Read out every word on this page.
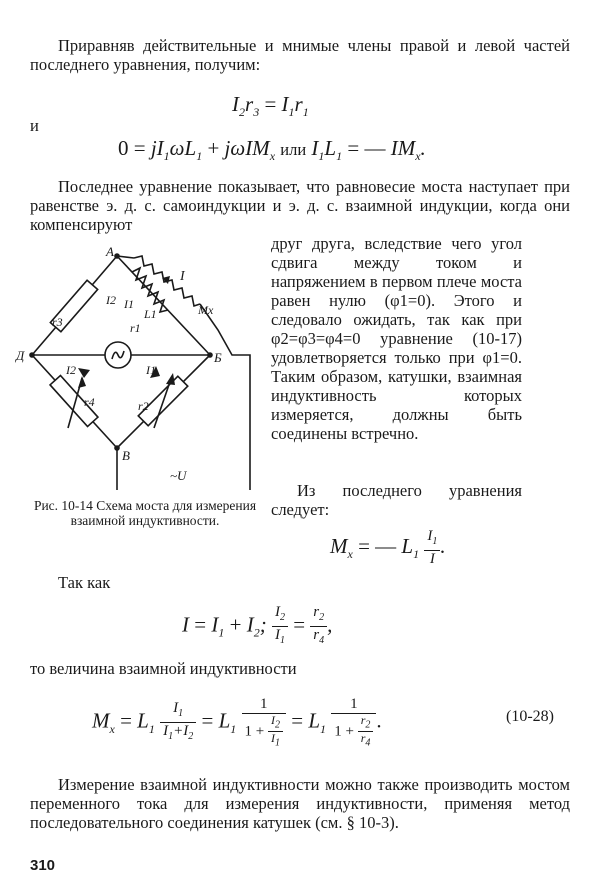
Приравняв действительные и мнимые члены правой и левой частей последнего уравнения, получим:
$I_2r_3 = I_1r_1$
и
$0 = jI_1\omega L_1 + j\omega IM_x$ или $I_1L_1$ = — $IM_x$.
Последнее уравнение показывает, что равновесие моста наступает при равенстве э. д. с. самоиндукции и э. д. с. взаимной индукции, когда они компенсируют
А
Д	Б
В
r3	r1
L1	Mx
r4	r2
I
I2 I1
I2	I1
~U
друг друга, вследствие чего угол сдвига между током и напряжением в первом плече моста равен нулю (φ1=0). Этого и следовало ожидать, так как при φ2=φ3=φ4=0 уравнение (10-17) удовлетворяется только при φ1=0. Таким образом, катушки, взаимная индуктивность которых измеряется, должны быть соединены встречно.
Из последнего уравнения следует:
Рис. 10-14 Схема моста для измерения взаимной индуктивности.
$M_x$ = — $L_1 \frac{I_1}{I}$ .
Так как
$I = I_1 + I_2$; $\frac{I_2}{I_1} = \frac{r_2}{r_4}$ ,
то величина взаимной индуктивности
$M_x = L_1 \frac{I_1}{I_1+I_2} = L_1 \frac{1}{1 + \frac{I_2}{I_1}} = L_1 \frac{1}{1 + \frac{r_2}{r_4}}$ .	(10-28)
Измерение взаимной индуктивности можно также производить мостом переменного тока для измерения индуктивности, применяя метод последовательного соединения катушек (см. § 10-3).
310
